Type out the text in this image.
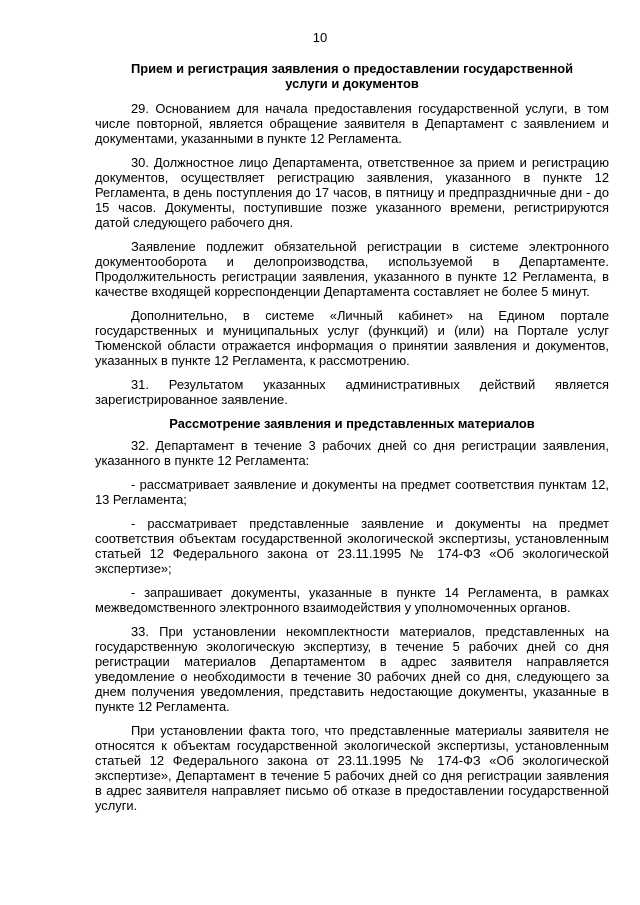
10
Прием и регистрация заявления о предоставлении государственной
услуги и документов

29. Основанием для начала предоставления государственной услуги, в том числе повторной, является обращение заявителя в Департамент с заявлением и документами, указанными в пункте 12 Регламента.

30. Должностное лицо Департамента, ответственное за прием и регистрацию документов, осуществляет регистрацию заявления, указанного в пункте 12 Регламента, в день поступления до 17 часов, в пятницу и предпраздничные дни - до 15 часов. Документы, поступившие позже указанного времени, регистрируются датой следующего рабочего дня.

Заявление подлежит обязательной регистрации в системе электронного документооборота и делопроизводства, используемой в Департаменте. Продолжительность регистрации заявления, указанного в пункте 12 Регламента, в качестве входящей корреспонденции Департамента составляет не более 5 минут.

Дополнительно, в системе «Личный кабинет» на Едином портале государственных и муниципальных услуг (функций) и (или) на Портале услуг Тюменской области отражается информация о принятии заявления и документов, указанных в пункте 12 Регламента, к рассмотрению.

31. Результатом указанных административных действий является зарегистрированное заявление.

Рассмотрение заявления и представленных материалов

32. Департамент в течение 3 рабочих дней со дня регистрации заявления, указанного в пункте 12 Регламента:

- рассматривает заявление и документы на предмет соответствия пунктам 12, 13 Регламента;

- рассматривает представленные заявление и документы на предмет соответствия объектам государственной экологической экспертизы, установленным статьей 12 Федерального закона от 23.11.1995 № 174-ФЗ «Об экологической экспертизе»;

- запрашивает документы, указанные в пункте 14 Регламента, в рамках межведомственного электронного взаимодействия у уполномоченных органов.

33. При установлении некомплектности материалов, представленных на государственную экологическую экспертизу, в течение 5 рабочих дней со дня регистрации материалов Департаментом в адрес заявителя направляется уведомление о необходимости в течение 30 рабочих дней со дня, следующего за днем получения уведомления, представить недостающие документы, указанные в пункте 12 Регламента.

При установлении факта того, что представленные материалы заявителя не относятся к объектам государственной экологической экспертизы, установленным статьей 12 Федерального закона от 23.11.1995 № 174-ФЗ «Об экологической экспертизе», Департамент в течение 5 рабочих дней со дня регистрации заявления в адрес заявителя направляет письмо об отказе в предоставлении государственной услуги.
